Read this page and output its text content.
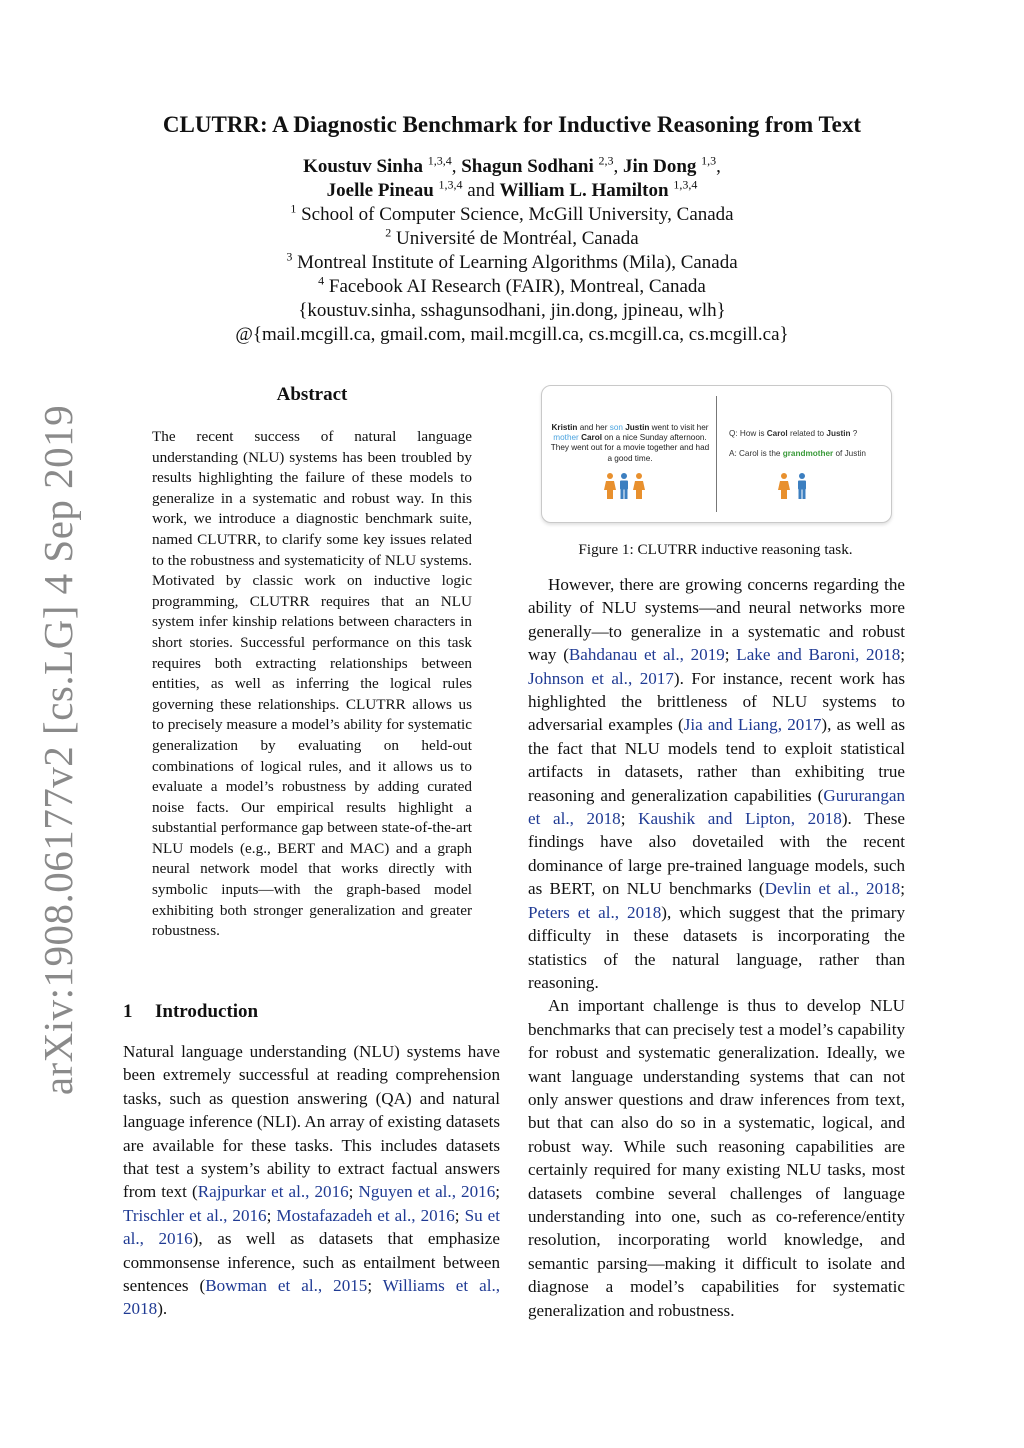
arXiv:1908.06177v2 [cs.LG] 4 Sep 2019
CLUTRR: A Diagnostic Benchmark for Inductive Reasoning from Text
Koustuv Sinha $^{1,3,4}$, Shagun Sodhani $^{2,3}$, Jin Dong $^{1,3}$,
Joelle Pineau $^{1,3,4}$ and William L. Hamilton $^{1,3,4}$
$^1$ School of Computer Science, McGill University, Canada
$^2$ Université de Montréal, Canada
$^3$ Montreal Institute of Learning Algorithms (Mila), Canada
$^4$ Facebook AI Research (FAIR), Montreal, Canada
{koustuv.sinha, sshagunsodhani, jin.dong, jpineau, wlh}
@{mail.mcgill.ca, gmail.com, mail.mcgill.ca, cs.mcgill.ca, cs.mcgill.ca}
Abstract
The recent success of natural language understanding (NLU) systems has been troubled by results highlighting the failure of these models to generalize in a systematic and robust way. In this work, we introduce a diagnostic benchmark suite, named CLUTRR, to clarify some key issues related to the robustness and systematicity of NLU systems. Motivated by classic work on inductive logic programming, CLUTRR requires that an NLU system infer kinship relations between characters in short stories. Successful performance on this task requires both extracting relationships between entities, as well as inferring the logical rules governing these relationships. CLUTRR allows us to precisely measure a model’s ability for systematic generalization by evaluating on held-out combinations of logical rules, and it allows us to evaluate a model’s robustness by adding curated noise facts. Our empirical results highlight a substantial performance gap between state-of-the-art NLU models (e.g., BERT and MAC) and a graph neural network model that works directly with symbolic inputs—with the graph-based model exhibiting both stronger generalization and greater robustness.
1 Introduction

Natural language understanding (NLU) systems have been extremely successful at reading comprehension tasks, such as question answering (QA) and natural language inference (NLI). An array of existing datasets are available for these tasks. This includes datasets that test a system’s ability to extract factual answers from text (Rajpurkar et al., 2016; Nguyen et al., 2016; Trischler et al., 2016; Mostafazadeh et al., 2016; Su et al., 2016), as well as datasets that emphasize commonsense inference, such as entailment between sentences (Bowman et al., 2015; Williams et al., 2018).

Kristin and her son Justin went to visit her mother Carol on a nice Sunday afternoon. They went out for a movie together and had a good time.
Q: How is Carol related to Justin ?
A: Carol is the grandmother of Justin
Figure 1: CLUTRR inductive reasoning task.

However, there are growing concerns regarding the ability of NLU systems—and neural networks more generally—to generalize in a systematic and robust way (Bahdanau et al., 2019; Lake and Baroni, 2018; Johnson et al., 2017). For instance, recent work has highlighted the brittleness of NLU systems to adversarial examples (Jia and Liang, 2017), as well as the fact that NLU models tend to exploit statistical artifacts in datasets, rather than exhibiting true reasoning and generalization capabilities (Gururangan et al., 2018; Kaushik and Lipton, 2018). These findings have also dovetailed with the recent dominance of large pre-trained language models, such as BERT, on NLU benchmarks (Devlin et al., 2018; Peters et al., 2018), which suggest that the primary difficulty in these datasets is incorporating the statistics of the natural language, rather than reasoning.

An important challenge is thus to develop NLU benchmarks that can precisely test a model’s capability for robust and systematic generalization. Ideally, we want language understanding systems that can not only answer questions and draw inferences from text, but that can also do so in a systematic, logical, and robust way. While such reasoning capabilities are certainly required for many existing NLU tasks, most datasets combine several challenges of language understanding into one, such as co-reference/entity resolution, incorporating world knowledge, and semantic parsing—making it difficult to isolate and diagnose a model’s capabilities for systematic generalization and robustness.
